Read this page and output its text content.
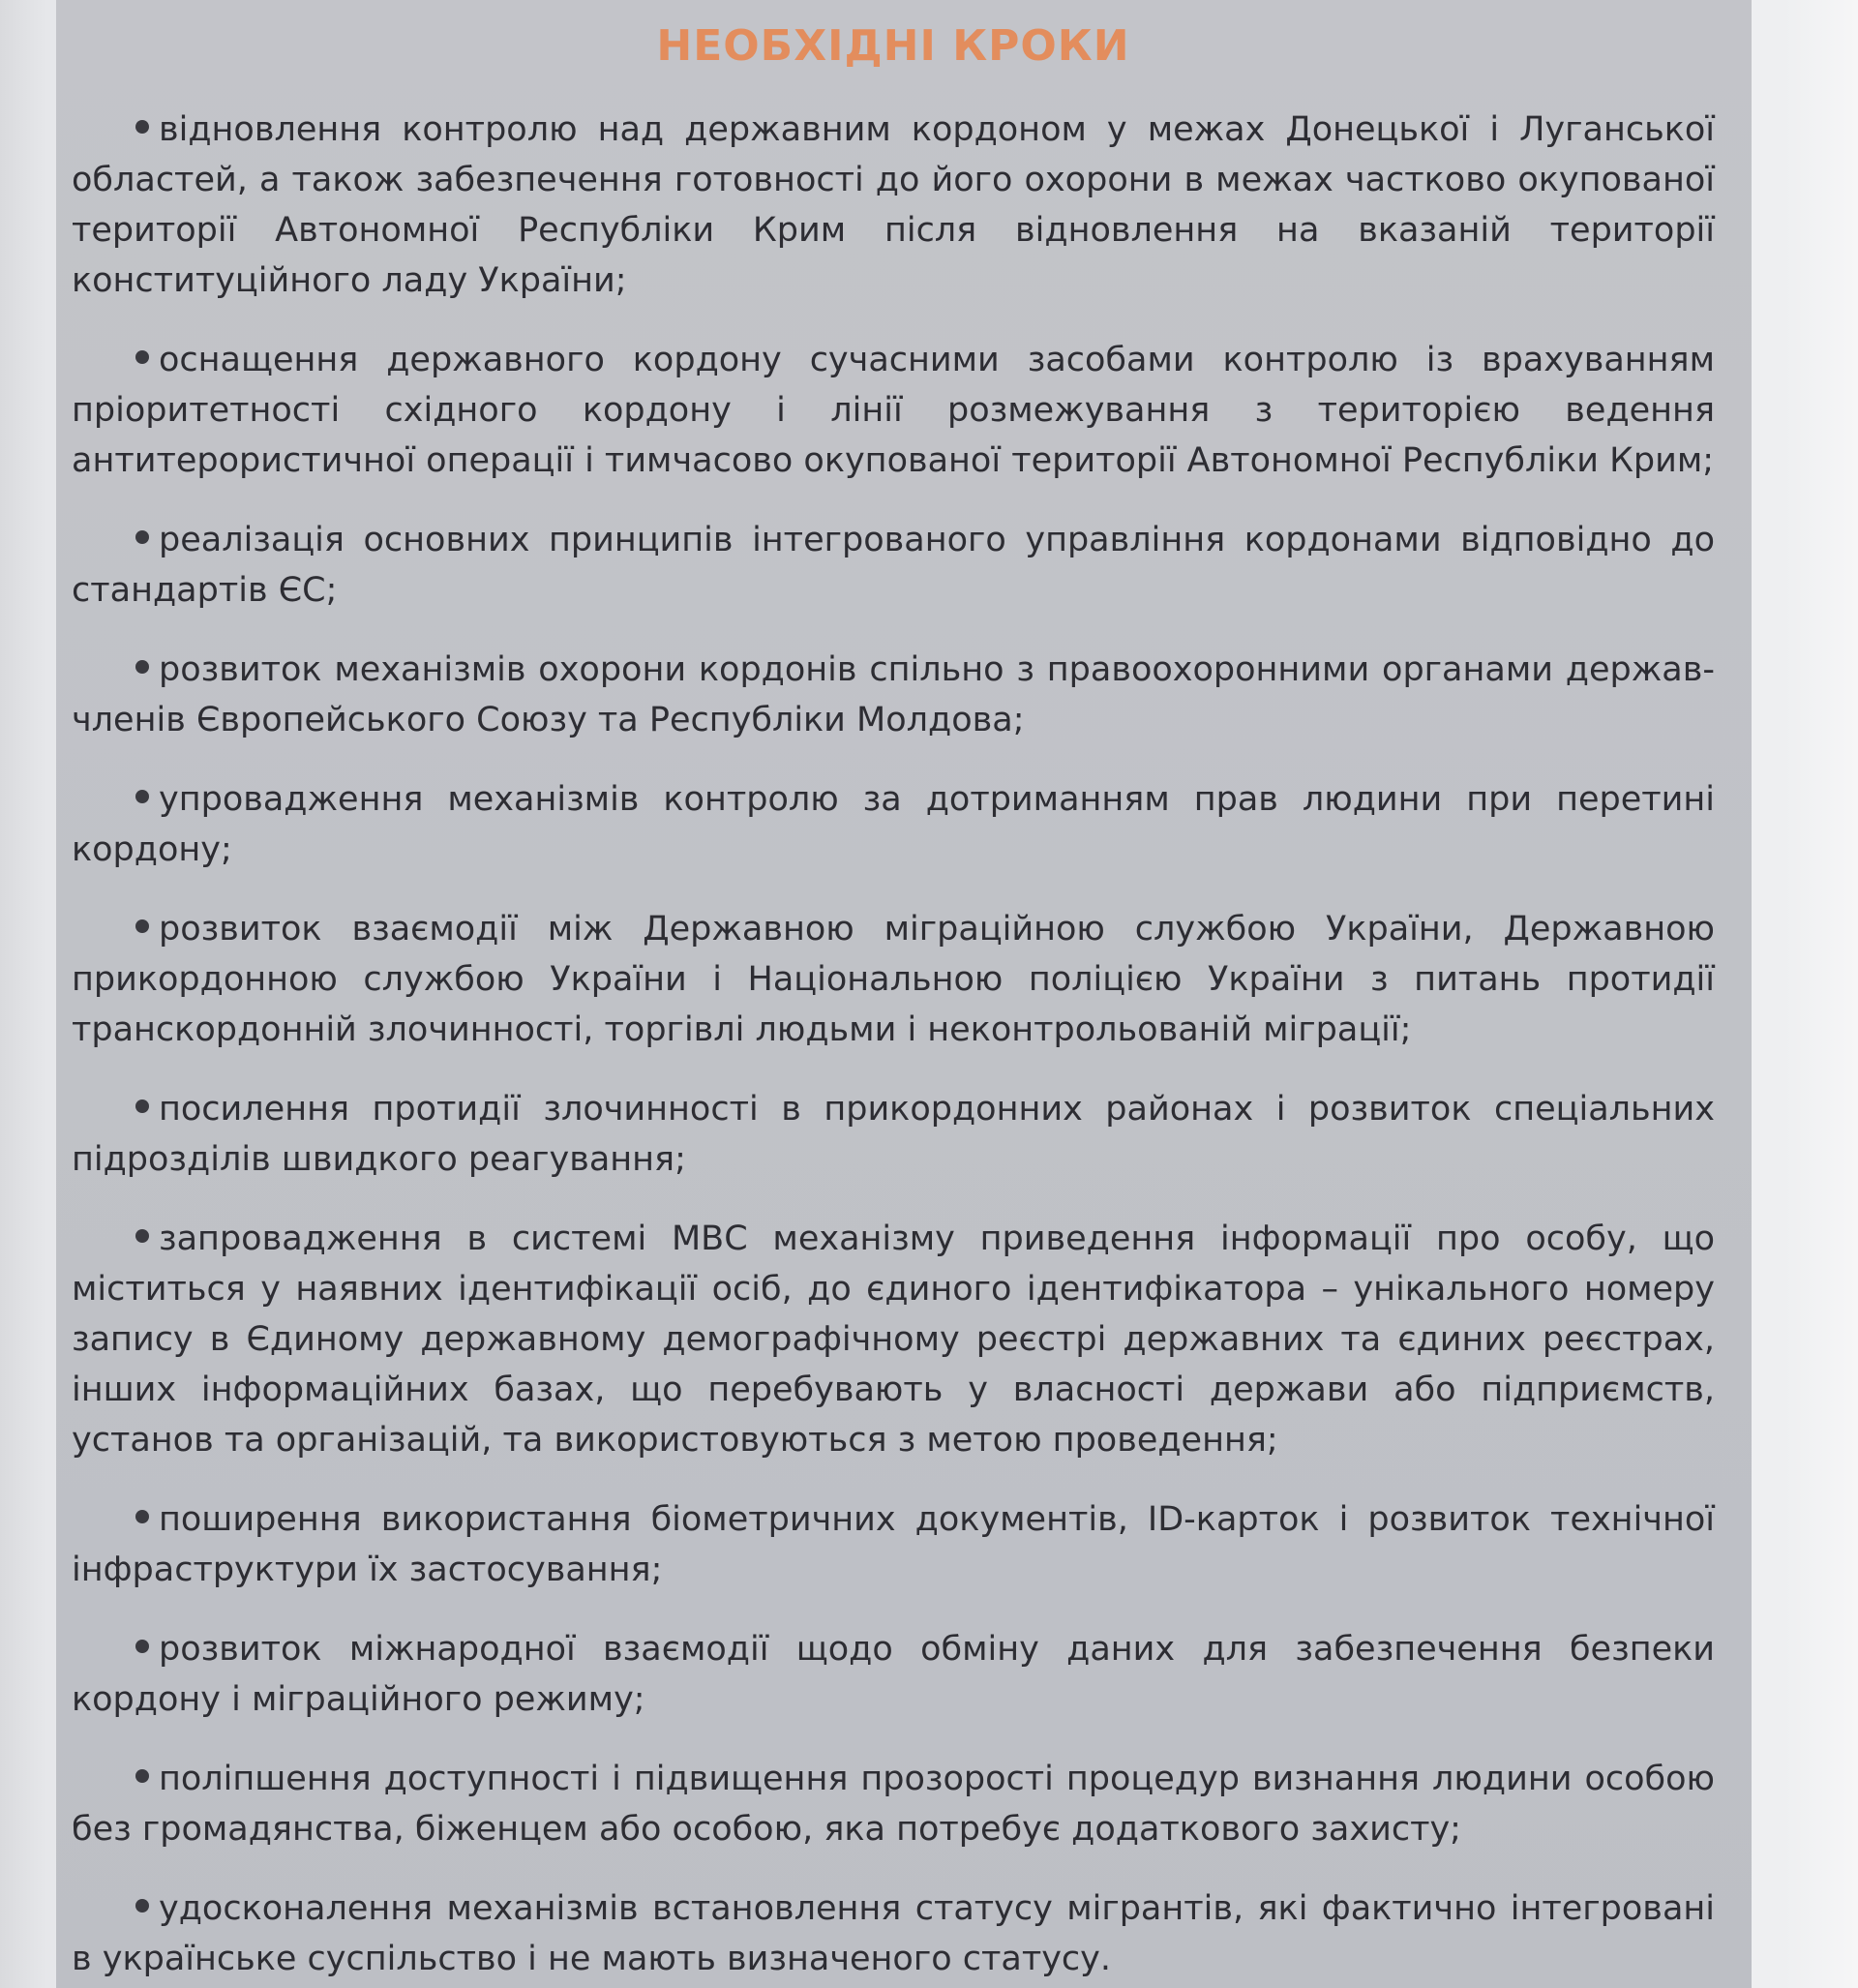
НЕОБХІДНІ КРОКИ
відновлення контролю над державним кордоном у межах Донецької і Луганської областей, а також забезпечення готовності до його охорони в межах частково окупованої території Автономної Республіки Крим після відновлення на вказаній території конституційного ладу України;
оснащення державного кордону сучасними засобами контролю із врахуванням пріоритетності східного кордону і лінії розмежування з територією ведення антитерористичної операції і тимчасово окупованої території Автономної Республіки Крим;
реалізація основних принципів інтегрованого управління кордонами відповідно до стандартів ЄС;
розвиток механізмів охорони кордонів спільно з правоохоронними органами держав-членів Європейського Союзу та Республіки Молдова;
упровадження механізмів контролю за дотриманням прав людини при перетині кордону;
розвиток взаємодії між Державною міграційною службою України, Державною прикордонною службою України і Національною поліцією України з питань протидії транскордонній злочинності, торгівлі людьми і неконтрольованій міграції;
посилення протидії злочинності в прикордонних районах і розвиток спеціальних підрозділів швидкого реагування;
запровадження в системі МВС механізму приведення інформації про особу, що міститься у наявних ідентифікації осіб, до єдиного ідентифікатора – унікального номеру запису в Єдиному державному демографічному реєстрі державних та єдиних реєстрах, інших інформаційних базах, що перебувають у власності держави або підприємств, установ та організацій, та використовуються з метою проведення;
поширення використання біометричних документів, ID-карток і розвиток технічної інфраструктури їх застосування;
розвиток міжнародної взаємодії щодо обміну даних для забезпечення безпеки кордону і міграційного режиму;
поліпшення доступності і підвищення прозорості процедур визнання людини особою без громадянства, біженцем або особою, яка потребує додаткового захисту;
удосконалення механізмів встановлення статусу мігрантів, які фактично інтегровані в українське суспільство і не мають визначеного статусу.
